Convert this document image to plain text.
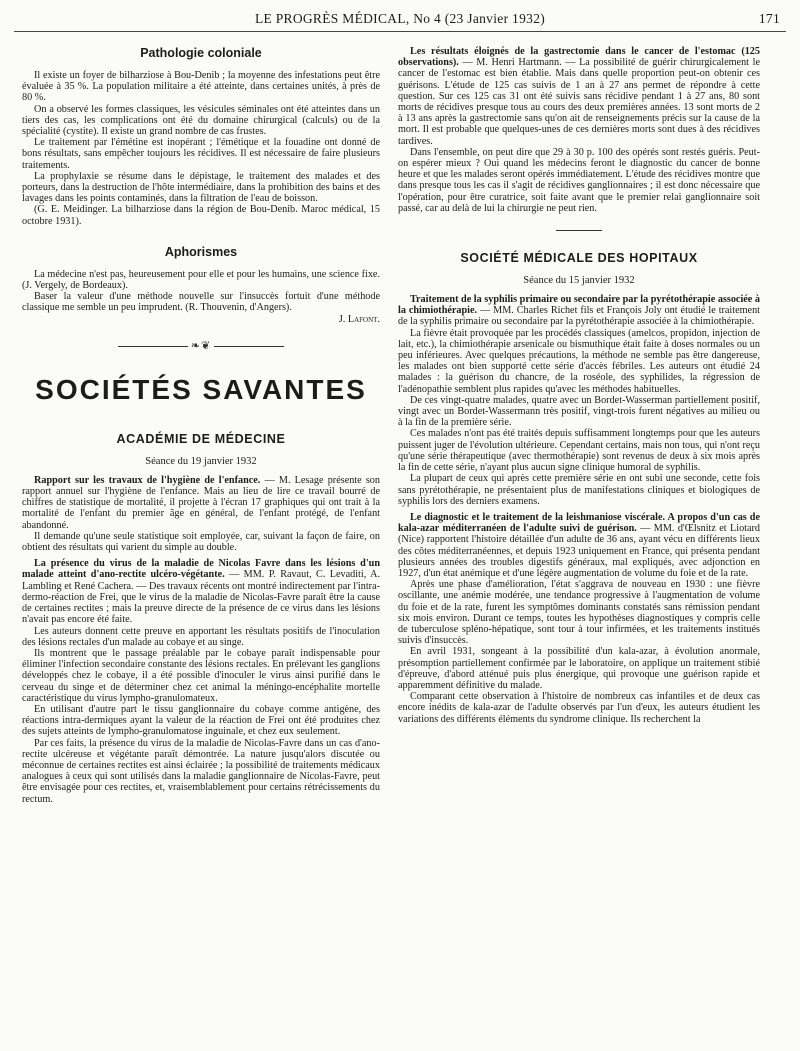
LE PROGRÈS MÉDICAL, No 4 (23 Janvier 1932)	171
Pathologie coloniale

Il existe un foyer de bilharziose à Bou-Denib ; la moyenne des infestations peut être évaluée à 35 %. La population militaire a été atteinte, dans certaines unités, à près de 80 %.

On a observé les formes classiques, les vésicules séminales ont été atteintes dans un tiers des cas, les complications ont été du domaine chirurgical (calculs) ou de la spécialité (cystite). Il existe un grand nombre de cas frustes.

Le traitement par l'émétine est inopérant ; l'émétique et la fouadine ont donné de bons résultats, sans empêcher toujours les récidives. Il est nécessaire de faire plusieurs traitements.

La prophylaxie se résume dans le dépistage, le traitement des malades et des porteurs, dans la destruction de l'hôte intermédiaire, dans la prohibition des bains et des lavages dans les points contaminés, dans la filtration de l'eau de boisson.

(G. E. Meidinger. La bilharziose dans la région de Bou-Denib. Maroc médical, 15 octobre 1931).

Aphorismes

La médecine n'est pas, heureusement pour elle et pour les humains, une science fixe. (J. Vergely, de Bordeaux).

Baser la valeur d'une méthode nouvelle sur l'insuccès fortuit d'une méthode classique me semble un peu imprudent. (R. Thouvenin, d'Angers).

J. Lafont.
❧❦
SOCIÉTÉS SAVANTES
ACADÉMIE DE MÉDECINE
Séance du 19 janvier 1932

Rapport sur les travaux de l'hygiène de l'enfance. — M. Lesage présente son rapport annuel sur l'hygiène de l'enfance. Mais au lieu de lire ce travail bourré de chiffres de statistique de mortalité, il projette à l'écran 17 graphiques qui ont trait à la mortalité de l'enfant du premier âge en général, de l'enfant protégé, de l'enfant abandonné.

Il demande qu'une seule statistique soit employée, car, suivant la façon de faire, on obtient des résultats qui varient du simple au double.

La présence du virus de la maladie de Nicolas Favre dans les lésions d'un malade atteint d'ano-rectite ulcéro-végétante. — MM. P. Ravaut, C. Levaditi, A. Lambling et René Cachera. — Des travaux récents ont montré indirectement par l'intra-dermo-réaction de Frei, que le virus de la maladie de Nicolas-Favre paraît être la cause de certaines rectites ; mais la preuve directe de la présence de ce virus dans les lésions n'avait pas encore été faite.

Les auteurs donnent cette preuve en apportant les résultats positifs de l'inoculation des lésions rectales d'un malade au cobaye et au singe.

Ils montrent que le passage préalable par le cobaye paraît indispensable pour éliminer l'infection secondaire constante des lésions rectales. En prélevant les ganglions développés chez le cobaye, il a été possible d'inoculer le virus ainsi purifié dans le cerveau du singe et de déterminer chez cet animal la méningo-encéphalite mortelle caractéristique du virus lympho-granulomateux.

En utilisant d'autre part le tissu ganglionnaire du cobaye comme antigène, des réactions intra-dermiques ayant la valeur de la réaction de Frei ont été produites chez des sujets atteints de lympho-granulomatose inguinale, et chez eux seulement.

Par ces faits, la présence du virus de la maladie de Nicolas-Favre dans un cas d'ano-rectite ulcéreuse et végétante paraît démontrée. La nature jusqu'alors discutée ou méconnue de certaines rectites est ainsi éclairée ; la possibilité de traitements médicaux analogues à ceux qui sont utilisés dans la maladie ganglionnaire de Nicolas-Favre, peut être envisagée pour ces rectites, et, vraisemblablement pour certains rétrécissements du rectum.

Les résultats éloignés de la gastrectomie dans le cancer de l'estomac (125 observations). — M. Henri Hartmann. — La possibilité de guérir chirurgicalement le cancer de l'estomac est bien établie. Mais dans quelle proportion peut-on obtenir ces guérisons. L'étude de 125 cas suivis de 1 an à 27 ans permet de répondre à cette question. Sur ces 125 cas 31 ont été suivis sans récidive pendant 1 à 27 ans, 80 sont morts de récidives presque tous au cours des deux premières années. 13 sont morts de 2 à 13 ans après la gastrectomie sans qu'on ait de renseignements précis sur la cause de la mort. Il est probable que quelques-unes de ces dernières morts sont dues à des récidives tardives.

Dans l'ensemble, on peut dire que 29 à 30 p. 100 des opérés sont restés guéris. Peut-on espérer mieux ? Oui quand les médecins feront le diagnostic du cancer de bonne heure et que les malades seront opérés immédiatement. L'étude des récidives montre que dans presque tous les cas il s'agit de récidives ganglionnaires ; il est donc nécessaire que l'opération, pour être curatrice, soit faite avant que le premier relai ganglionnaire soit passé, car au delà de lui la chirurgie ne peut rien.

SOCIÉTÉ MÉDICALE DES HOPITAUX
Séance du 15 janvier 1932

Traitement de la syphilis primaire ou secondaire par la pyrétothérapie associée à la chimiothérapie. — MM. Charles Richet fils et François Joly ont étudié le traitement de la syphilis primaire ou secondaire par la pyrétothérapie associée à la chimiothérapie.

La fièvre était provoquée par les procédés classiques (amelcos, propidon, injection de lait, etc.), la chimiothérapie arsenicale ou bismuthique était faite à doses normales ou un peu inférieures. Avec quelques précautions, la méthode ne semble pas être dangereuse, les malades ont bien supporté cette série d'accès fébriles. Les auteurs ont étudié 24 malades : la guérison du chancre, de la roséole, des syphilides, la régression de l'adénopathie semblent plus rapides qu'avec les méthodes habituelles.

De ces vingt-quatre malades, quatre avec un Bordet-Wasserman partiellement positif, vingt avec un Bordet-Wassermann très positif, vingt-trois furent négatives au milieu ou à la fin de la première série.

Ces malades n'ont pas été traités depuis suffisamment longtemps pour que les auteurs puissent juger de l'évolution ultérieure. Cependant certains, mais non tous, qui n'ont reçu qu'une série thérapeutique (avec thermothérapie) sont revenus de deux à six mois après la fin de cette série, n'ayant plus aucun signe clinique humoral de syphilis.

La plupart de ceux qui après cette première série en ont subi une seconde, cette fois sans pyrétothérapie, ne présentaient plus de manifestations cliniques et biologiques de syphilis lors des derniers examens.

Le diagnostic et le traitement de la leishmaniose viscérale. A propos d'un cas de kala-azar méditerranéen de l'adulte suivi de guérison. — MM. d'Œlsnitz et Liotard (Nice) rapportent l'histoire détaillée d'un adulte de 36 ans, ayant vécu en différents lieux des côtes méditerranéennes, et depuis 1923 uniquement en France, qui présenta pendant plusieurs années des troubles digestifs généraux, mal expliqués, avec adjonction en 1927, d'un état anémique et d'une légère augmentation de volume du foie et de la rate.

Après une phase d'amélioration, l'état s'aggrava de nouveau en 1930 : une fièvre oscillante, une anémie modérée, une tendance progressive à l'augmentation de volume du foie et de la rate, furent les symptômes dominants constatés sans rémission pendant six mois environ. Durant ce temps, toutes les hypothèses diagnostiques y compris celle de tuberculose spléno-hépatique, sont tour à tour infirmées, et les traitements institués suivis d'insuccès.

En avril 1931, songeant à la possibilité d'un kala-azar, à évolution anormale, présomption partiellement confirmée par le laboratoire, on applique un traitement stibié d'épreuve, d'abord atténué puis plus énergique, qui provoque une guérison rapide et apparemment définitive du malade.

Comparant cette observation à l'histoire de nombreux cas infantiles et de deux cas encore inédits de kala-azar de l'adulte observés par l'un d'eux, les auteurs étudient les variations des différents éléments du syndrome clinique. Ils recherchent la
